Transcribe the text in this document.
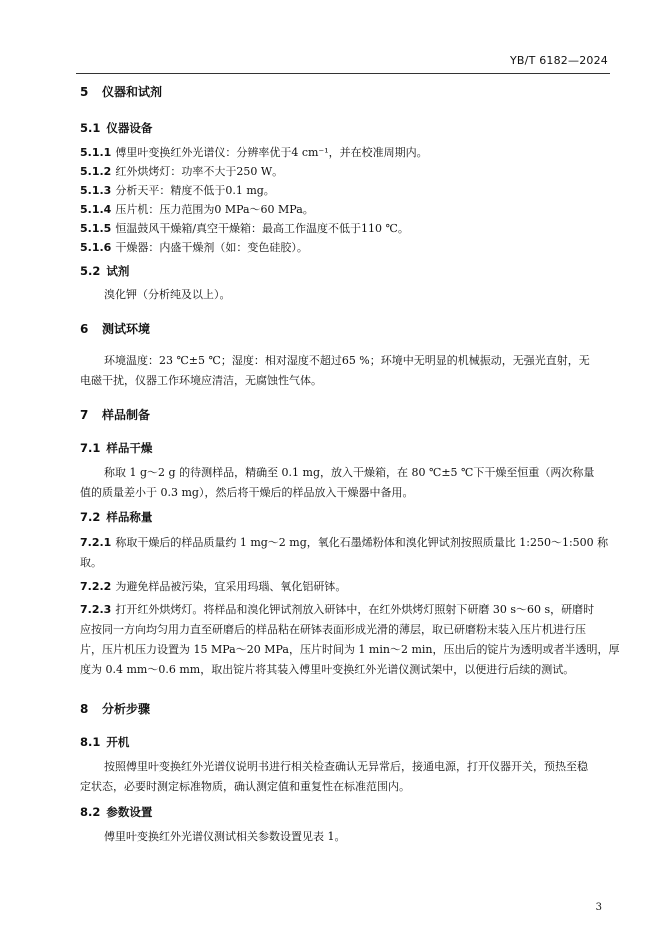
YB/T 6182—2024
5 仪器和试剂
5.1 仪器设备
5.1.1 傅里叶变换红外光谱仪：分辨率优于4 cm⁻¹，并在校准周期内。
5.1.2 红外烘烤灯：功率不大于250 W。
5.1.3 分析天平：精度不低于0.1 mg。
5.1.4 压片机：压力范围为0 MPa～60 MPa。
5.1.5 恒温鼓风干燥箱/真空干燥箱：最高工作温度不低于110 ℃。
5.1.6 干燥器：内盛干燥剂（如：变色硅胶）。
5.2 试剂
溴化钾（分析纯及以上）。
6 测试环境
环境温度：23 ℃±5 ℃；湿度：相对湿度不超过65 %；环境中无明显的机械振动，无强光直射，无
电磁干扰，仪器工作环境应清洁，无腐蚀性气体。
7 样品制备
7.1 样品干燥
称取 1 g～2 g 的待测样品，精确至 0.1 mg，放入干燥箱，在 80 ℃±5 ℃下干燥至恒重（两次称量
值的质量差小于 0.3 mg），然后将干燥后的样品放入干燥器中备用。
7.2 样品称量
7.2.1 称取干燥后的样品质量约 1 mg～2 mg，氧化石墨烯粉体和溴化钾试剂按照质量比 1:250～1:500 称
取。
7.2.2 为避免样品被污染，宜采用玛瑙、氧化铝研钵。
7.2.3 打开红外烘烤灯。将样品和溴化钾试剂放入研钵中，在红外烘烤灯照射下研磨 30 s～60 s，研磨时
应按同一方向均匀用力直至研磨后的样品粘在研钵表面形成光滑的薄层，取已研磨粉末装入压片机进行压
片，压片机压力设置为 15 MPa～20 MPa，压片时间为 1 min～2 min，压出后的锭片为透明或者半透明，厚
度为 0.4 mm～0.6 mm，取出锭片将其装入傅里叶变换红外光谱仪测试架中，以便进行后续的测试。
8 分析步骤
8.1 开机
按照傅里叶变换红外光谱仪说明书进行相关检查确认无异常后，接通电源，打开仪器开关，预热至稳
定状态，必要时测定标准物质，确认测定值和重复性在标准范围内。
8.2 参数设置
傅里叶变换红外光谱仪测试相关参数设置见表 1。
3
